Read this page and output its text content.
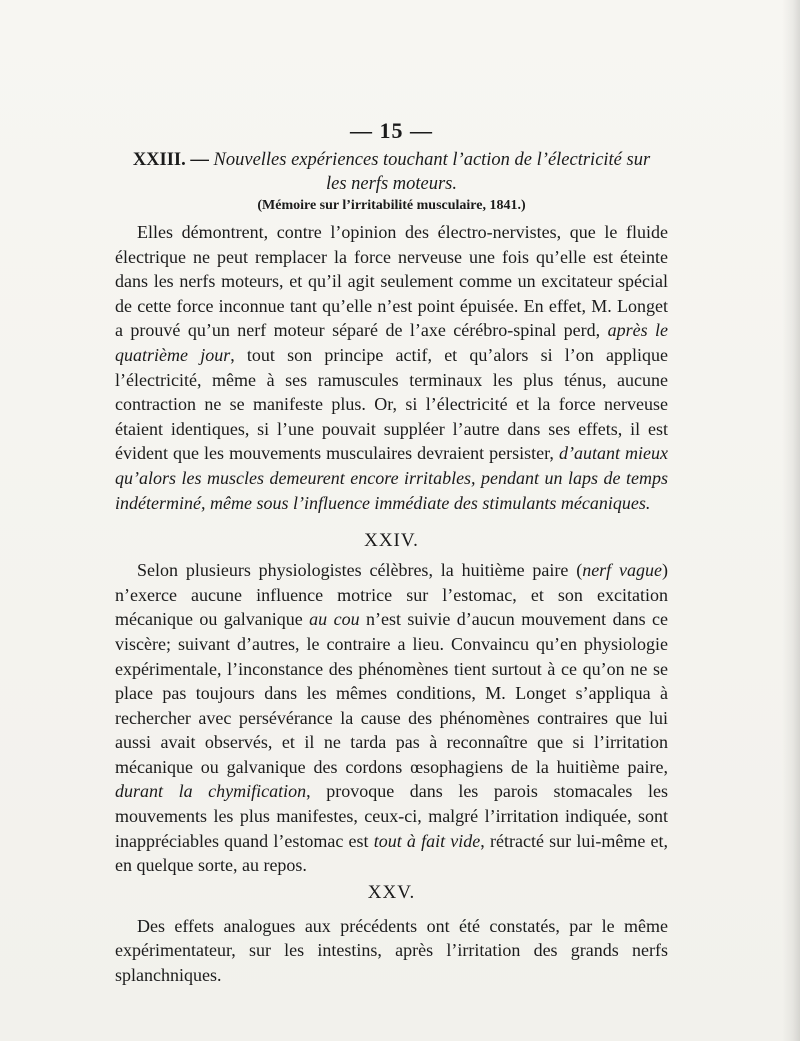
— 15 —
XXIII. — Nouvelles expériences touchant l’action de l’électricité sur les nerfs moteurs.
(Mémoire sur l’irritabilité musculaire, 1841.)

Elles démontrent, contre l’opinion des électro-nervistes, que le fluide électrique ne peut remplacer la force nerveuse une fois qu’elle est éteinte dans les nerfs moteurs, et qu’il agit seulement comme un excitateur spécial de cette force inconnue tant qu’elle n’est point épuisée. En effet, M. Longet a prouvé qu’un nerf moteur séparé de l’axe cérébro-spinal perd, après le quatrième jour, tout son principe actif, et qu’alors si l’on applique l’électricité, même à ses ramuscules terminaux les plus ténus, aucune contraction ne se manifeste plus. Or, si l’électricité et la force nerveuse étaient identiques, si l’une pouvait suppléer l’autre dans ses effets, il est évident que les mouvements musculaires devraient persister, d’autant mieux qu’alors les muscles demeurent encore irritables, pendant un laps de temps indéterminé, même sous l’influence immédiate des stimulants mécaniques.

XXIV.

Selon plusieurs physiologistes célèbres, la huitième paire (nerf vague) n’exerce aucune influence motrice sur l’estomac, et son excitation mécanique ou galvanique au cou n’est suivie d’aucun mouvement dans ce viscère; suivant d’autres, le contraire a lieu. Convaincu qu’en physiologie expérimentale, l’inconstance des phénomènes tient surtout à ce qu’on ne se place pas toujours dans les mêmes conditions, M. Longet s’appliqua à rechercher avec persévérance la cause des phénomènes contraires que lui aussi avait observés, et il ne tarda pas à reconnaître que si l’irritation mécanique ou galvanique des cordons œsophagiens de la huitième paire, durant la chymification, provoque dans les parois stomacales les mouvements les plus manifestes, ceux-ci, malgré l’irritation indiquée, sont inappréciables quand l’estomac est tout à fait vide, rétracté sur lui-même et, en quelque sorte, au repos.

XXV.

Des effets analogues aux précédents ont été constatés, par le même expérimentateur, sur les intestins, après l’irritation des grands nerfs splanchniques.
